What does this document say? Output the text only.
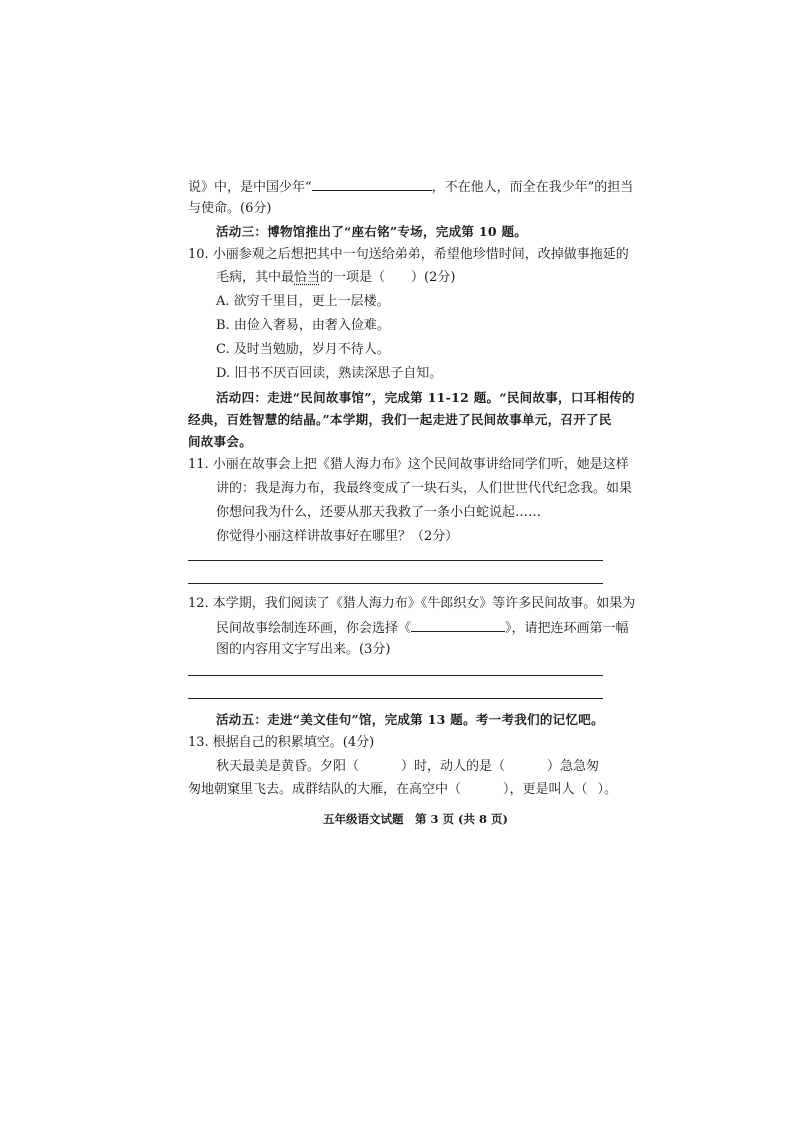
说》中，是中国少年“	，不在他人，而全在我少年”的担当
与使命。(6分)
活动三：博物馆推出了“座右铭”专场，完成第 10 题。
10. 小丽参观之后想把其中一句送给弟弟，希望他珍惜时间，改掉做事拖延的
毛病，其中最恰当的一项是（　　）(2分)
A. 欲穷千里目，更上一层楼。
B. 由俭入奢易，由奢入俭难。
C. 及时当勉励，岁月不待人。
D. 旧书不厌百回读，熟读深思子自知。
活动四：走进“民间故事馆”，完成第 11-12 题。“民间故事，口耳相传的
经典，百姓智慧的结晶。”本学期，我们一起走进了民间故事单元，召开了民
间故事会。
11. 小丽在故事会上把《猎人海力布》这个民间故事讲给同学们听，她是这样
讲的：我是海力布，我最终变成了一块石头，人们世世代代纪念我。如果
你想问我为什么，还要从那天我救了一条小白蛇说起……
你觉得小丽这样讲故事好在哪里？（2分）
12. 本学期，我们阅读了《猎人海力布》《牛郎织女》等许多民间故事。如果为
民间故事绘制连环画，你会选择《	》，请把连环画第一幅
图的内容用文字写出来。(3分)
活动五：走进“美文佳句”馆，完成第 13 题。考一考我们的记忆吧。
13. 根据自己的积累填空。(4分)
秋天最美是黄昏。夕阳（	）时，动人的是（	）急急匆
匆地朝窠里飞去。成群结队的大雁，在高空中（	），更是叫人（ ）。
五年级语文试题　第 3 页 (共 8 页)
